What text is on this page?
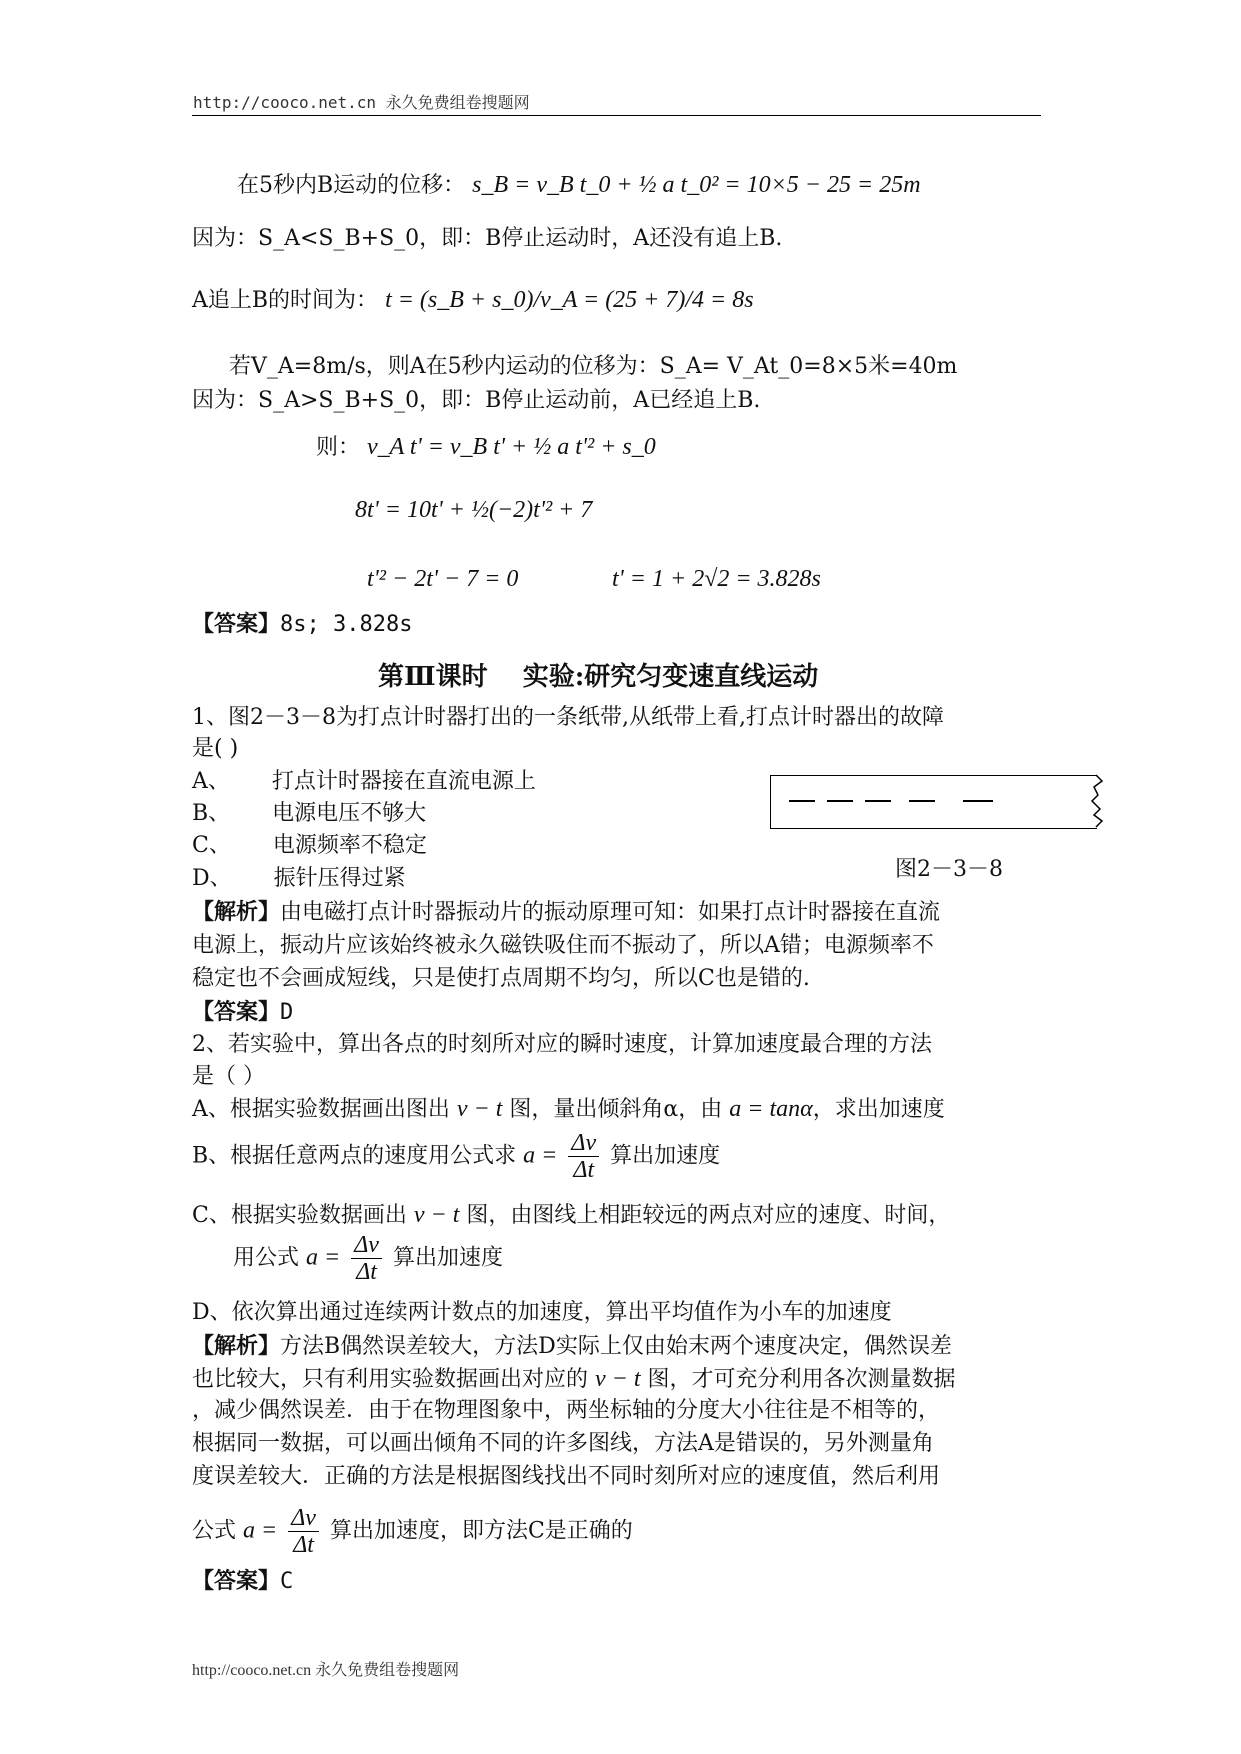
http://cooco.net.cn 永久免费组卷搜题网
在5秒内B运动的位移： s_B = v_B t_0 + ½ a t_0² = 10×5 − 25 = 25m
因为：S_A<S_B+S_0，即：B停止运动时，A还没有追上B.
A追上B的时间为： t = (s_B + s_0)/v_A = (25 + 7)/4 = 8s
若V_A=8m/s，则A在5秒内运动的位移为：S_A= V_At_0=8×5米=40m
因为：S_A>S_B+S_0，即：B停止运动前，A已经追上B.
则： v_A t' = v_B t' + ½ a t'² + s_0
8t' = 10t' + ½(−2)t'² + 7
t'² − 2t' − 7 = 0	t' = 1 + 2√2 = 3.828s
【答案】8s; 3.828s
第Ⅲ课时　 实验:研究匀变速直线运动
1、图2－3－8为打点计时器打出的一条纸带,从纸带上看,打点计时器出的故障
是( )
A、 打点计时器接在直流电源上
B、 电源电压不够大
C、 电源频率不稳定
D、 振针压得过紧	图2－3－8
【解析】由电磁打点计时器振动片的振动原理可知：如果打点计时器接在直流
电源上，振动片应该始终被永久磁铁吸住而不振动了，所以A错；电源频率不
稳定也不会画成短线，只是使打点周期不均匀，所以C也是错的.
【答案】D
2、若实验中，算出各点的时刻所对应的瞬时速度，计算加速度最合理的方法
是（ ）
A、根据实验数据画出图出 v − t 图，量出倾斜角α，由 a = tanα，求出加速度
B、根据任意两点的速度用公式求 $a = \frac{\Delta v}{\Delta t}$ 算出加速度
C、根据实验数据画出 v − t 图，由图线上相距较远的两点对应的速度、时间，
用公式 $a = \frac{\Delta v}{\Delta t}$ 算出加速度
D、依次算出通过连续两计数点的加速度，算出平均值作为小车的加速度
【解析】方法B偶然误差较大，方法D实际上仅由始末两个速度决定，偶然误差
也比较大，只有利用实验数据画出对应的 v − t 图，才可充分利用各次测量数据
，减少偶然误差．由于在物理图象中，两坐标轴的分度大小往往是不相等的，
根据同一数据，可以画出倾角不同的许多图线，方法A是错误的，另外测量角
度误差较大．正确的方法是根据图线找出不同时刻所对应的速度值，然后利用
公式 $a = \frac{\Delta v}{\Delta t}$ 算出加速度，即方法C是正确的
【答案】C
http://cooco.net.cn 永久免费组卷搜题网
